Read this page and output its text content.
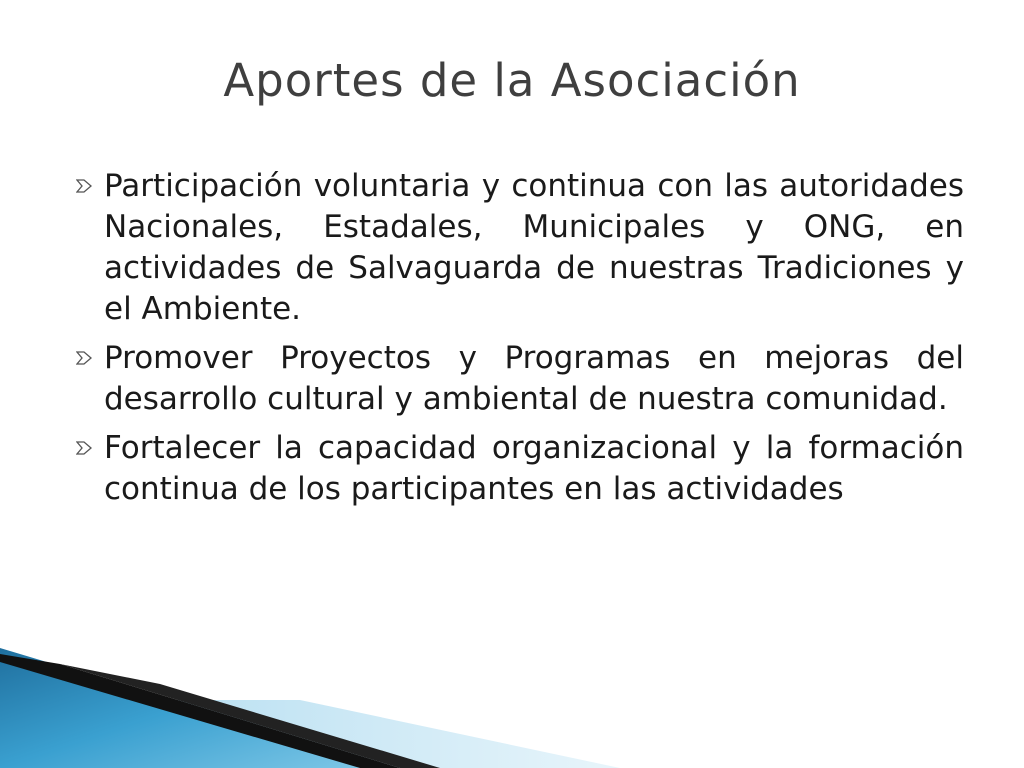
Aportes de la Asociación
Participación voluntaria y continua con las autoridades Nacionales, Estadales, Municipales y ONG, en actividades de Salvaguarda de nuestras Tradiciones y el Ambiente.
Promover Proyectos y Programas en mejoras del desarrollo cultural y ambiental de nuestra comunidad.
Fortalecer la capacidad organizacional y la formación continua de los participantes en las actividades
